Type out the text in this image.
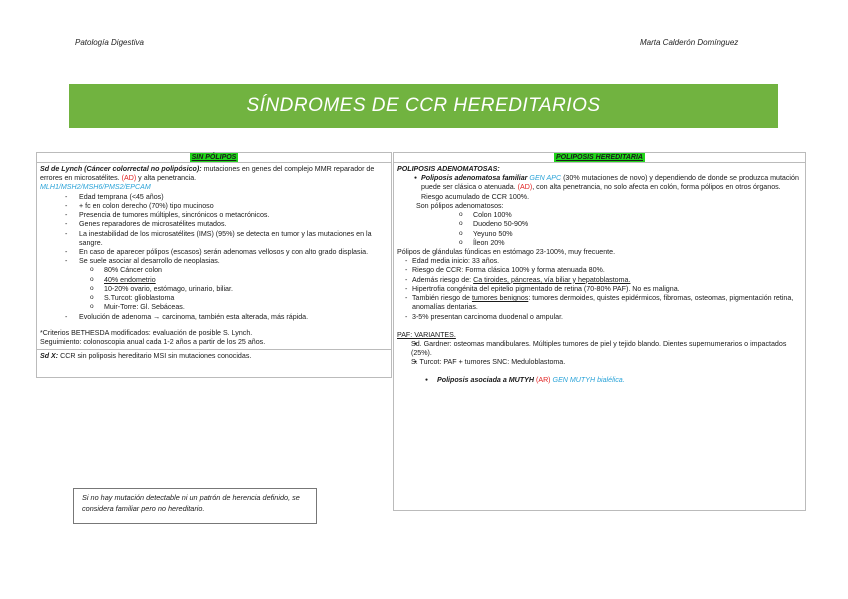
Patología Digestiva	Marta Calderón Domínguez
SÍNDROMES DE CCR HEREDITARIOS
SIN PÓLIPOS

Sd de Lynch (Cáncer colorrectal no polipósico): mutaciones en genes del complejo MMR reparador de errores en microsatélites. (AD) y alta penetrancia.

MLH1/MSH2/MSH6/PMS2/EPCAM

- Edad temprana (<45 años)
- + fc en colon derecho (70%) tipo mucinoso
- Presencia de tumores múltiples, sincrónicos o metacrónicos.
- Genes reparadores de microsatélites mutados.
- La inestabilidad de los microsatélites (IMS) (95%) se detecta en tumor y las mutaciones en la sangre.
- En caso de aparecer pólipos (escasos) serán adenomas vellosos y con alto grado displasia.
- Se suele asociar al desarrollo de neoplasias.
o 80% Cáncer colon
o 40% endometrio
o 10-20% ovario, estómago, urinario, biliar.
o S.Turcot: glioblastoma
o Muir-Torre: Gl. Sebáceas.
- Evolución de adenoma → carcinoma, también esta alterada, más rápida.

*Criterios BETHESDA modificados: evaluación de posible S. Lynch.

Seguimiento: colonoscopia anual cada 1-2 años a partir de los 25 años.

Sd X: CCR sin poliposis hereditario MSI sin mutaciones conocidas.

POLIPOSIS HEREDITARIA

POLIPOSIS ADENOMATOSAS:

● Poliposis adenomatosa familiar GEN APC (30% mutaciones de novo) y dependiendo de donde se produzca mutación puede ser clásica o atenuada. (AD), con alta penetrancia, no solo afecta en colón, forma pólipos en otros órganos. Riesgo acumulado de CCR 100%.

Son pólipos adenomatosos:

o Colon 100%
o Duodeno 50-90%
o Yeyuno 50%
o Íleon 20%

Pólipos de glándulas fúndicas en estómago 23-100%, muy frecuente.

- Edad media inicio: 33 años.
- Riesgo de CCR: Forma clásica 100% y forma atenuada 80%.
- Además riesgo de: Ca tiroides, páncreas, vía biliar y hepatoblastoma.
- Hipertrofia congénita del epitelio pigmentado de retina (70-80% PAF). No es maligna.
- También riesgo de tumores benignos: tumores dermoides, quistes epidérmicos, fibromas, osteomas, pigmentación retina, anomalías dentarias.
- 3-5% presentan carcinoma duodenal o ampular.

PAF: VARIANTES.

● Sd. Gardner: osteomas mandibulares. Múltiples tumores de piel y tejido blando. Dientes supernumerarios o impactados (25%).
● S. Turcot: PAF + tumores SNC: Meduloblastoma.
● Poliposis asociada a MUTYH (AR) GEN MUTYH bialélica.
Si no hay mutación detectable ni un patrón de herencia definido, se considera familiar pero no hereditario.
